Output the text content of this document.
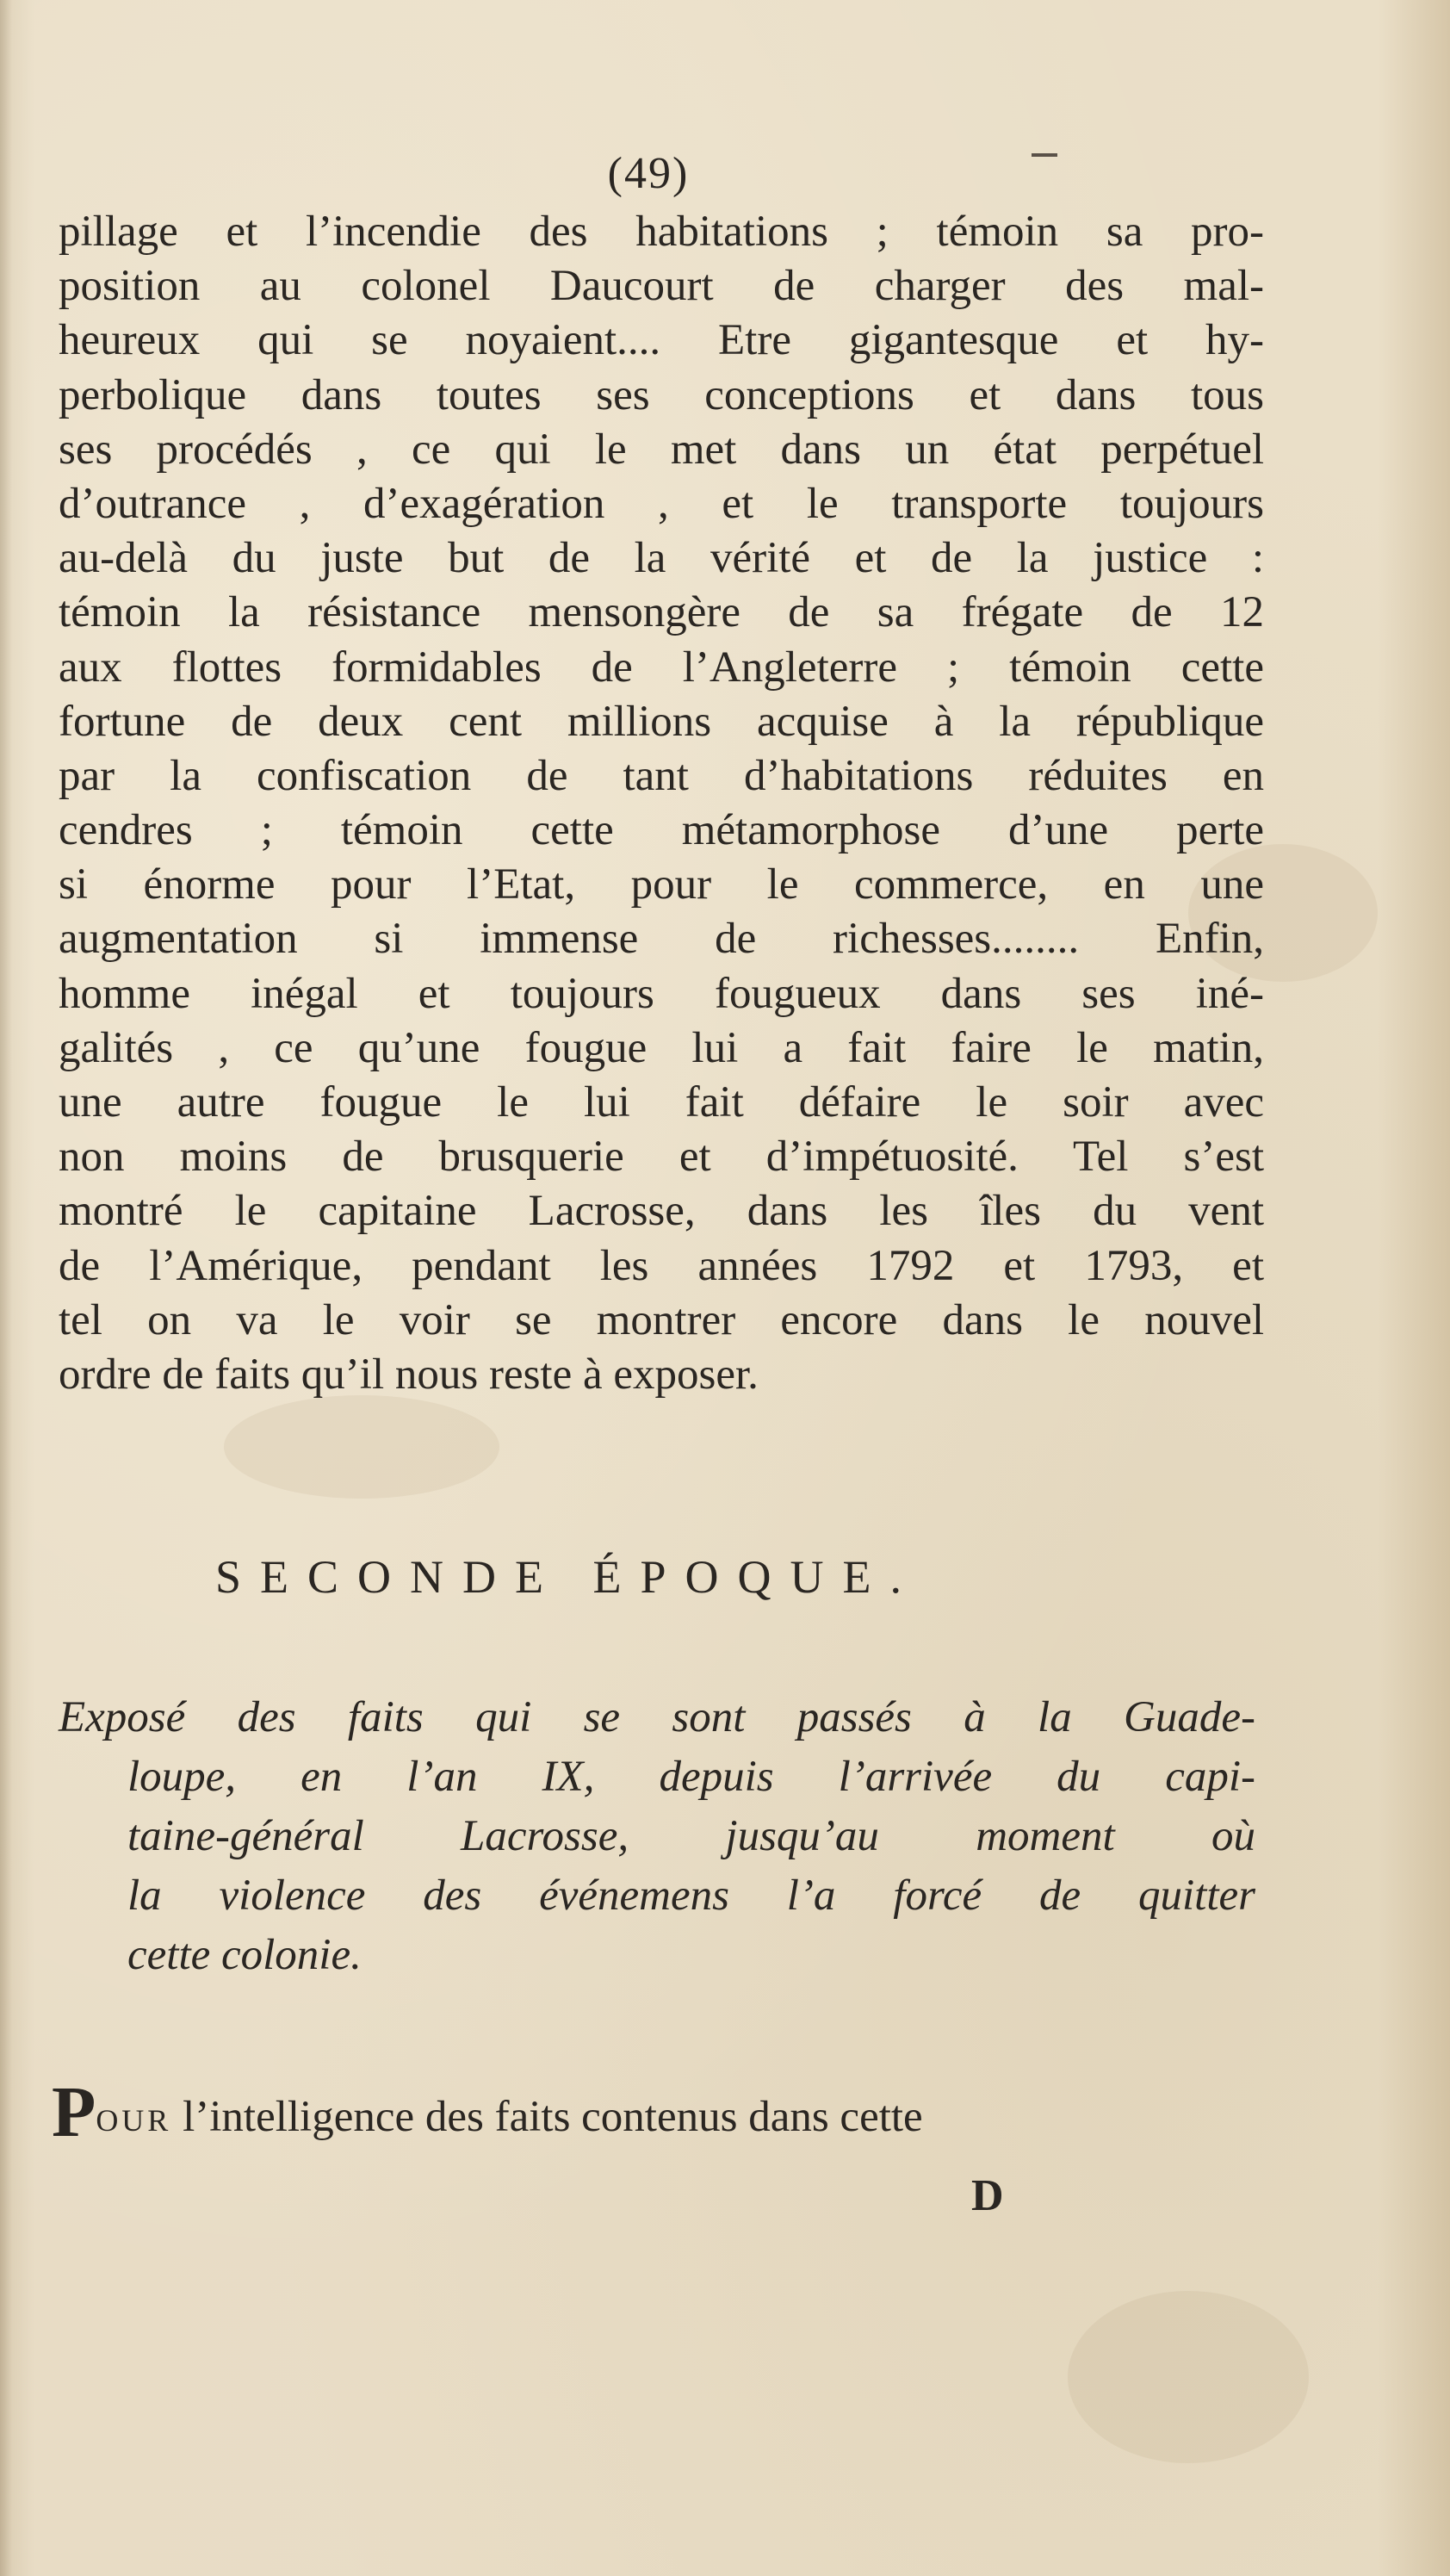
(49)
pillage et l’incendie des habitations ; témoin sa pro-
position au colonel Daucourt de charger des mal-
heureux qui se noyaient.... Etre gigantesque et hy-
perbolique dans toutes ses conceptions et dans tous
ses procédés , ce qui le met dans un état perpétuel
d’outrance , d’exagération , et le transporte toujours
au-delà du juste but de la vérité et de la justice :
témoin la résistance mensongère de sa frégate de 12
aux flottes formidables de l’Angleterre ; témoin cette
fortune de deux cent millions acquise à la république
par la confiscation de tant d’habitations réduites en
cendres ; témoin cette métamorphose d’une perte
si énorme pour l’Etat, pour le commerce, en une
augmentation si immense de richesses........ Enfin,
homme inégal et toujours fougueux dans ses iné-
galités , ce qu’une fougue lui a fait faire le matin,
une autre fougue le lui fait défaire le soir avec
non moins de brusquerie et d’impétuosité. Tel s’est
montré le capitaine Lacrosse, dans les îles du vent
de l’Amérique, pendant les années 1792 et 1793, et
tel on va le voir se montrer encore dans le nouvel
ordre de faits qu’il nous reste à exposer.
SECONDE ÉPOQUE.
Exposé des faits qui se sont passés à la Guade-
loupe, en l’an IX, depuis l’arrivée du capi-
taine-général Lacrosse, jusqu’au moment où
la violence des événemens l’a forcé de quitter
cette colonie.
POUR l’intelligence des faits contenus dans cette
D
